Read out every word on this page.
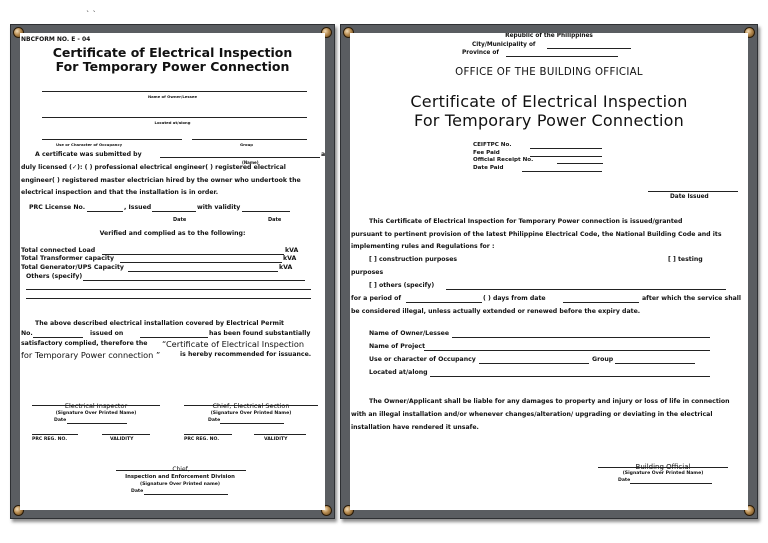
` `
NBCFORM NO. E - 04
Certificate of Electrical Inspection
For Temporary Power Connection
Name of Owner/Lessee
Located at/along
Use or Character of Occupancy	Group
A certificate was submitted by	a
(Name)
duly licensed (✓): ( ) professional electrical engineer( ) registered electrical
engineer( ) registered master electrician hired by the owner who undertook the
electrical inspection and that the installation is in order.
PRC License No.	, Issued	with validity
Date	Date
Verified and complied as to the following:
Total connected Load	kVA
Total Transformer capacity	kVA
Total Generator/UPS Capacity	kVA
Others (specify)
The above described electrical installation covered by Electrical Permit
No.	issued on	has been found substantially
satisfactory complied, therefore the “Certificate of Electrical Inspection
for Temporary Power connection ”	is hereby recommended for issuance.
Electrical Inspector
(Signature Over Printed Name)
Date
PRC REG. NO.	VALIDITY
Chief, Electrical Section
(Signature Over Printed Name)
Date
PRC REG. NO.	VALIDITY
Chief,
Inspection and Enforcement Division
(Signature Over Printed name)
Date
Republic of the Philippines
City/Municipality of
Province of
OFFICE OF THE BUILDING OFFICIAL
Certificate of Electrical Inspection
For Temporary Power Connection
CEIFTPC No.
Fee Paid
Official Receipt No.
Date Paid
Date Issued
This Certificate of Electrical Inspection for Temporary Power connection is issued/granted
pursuant to pertinent provision of the latest Philippine Electrical Code, the National Building Code and its
implementing rules and Regulations for :
[ ] construction purposes	[ ] testing
purposes
[ ] others (specify)
for a period of	( ) days from date	after which the service shall
be considered illegal, unless actually extended or renewed before the expiry date.
Name of Owner/Lessee
Name of Project
Use or character of Occupancy	Group
Located at/along
The Owner/Applicant shall be liable for any damages to property and injury or loss of life in connection
with an illegal installation and/or whenever changes/alteration/ upgrading or deviating in the electrical
installation have rendered it unsafe.
Building Official
(Signature Over Printed Name)
Date
